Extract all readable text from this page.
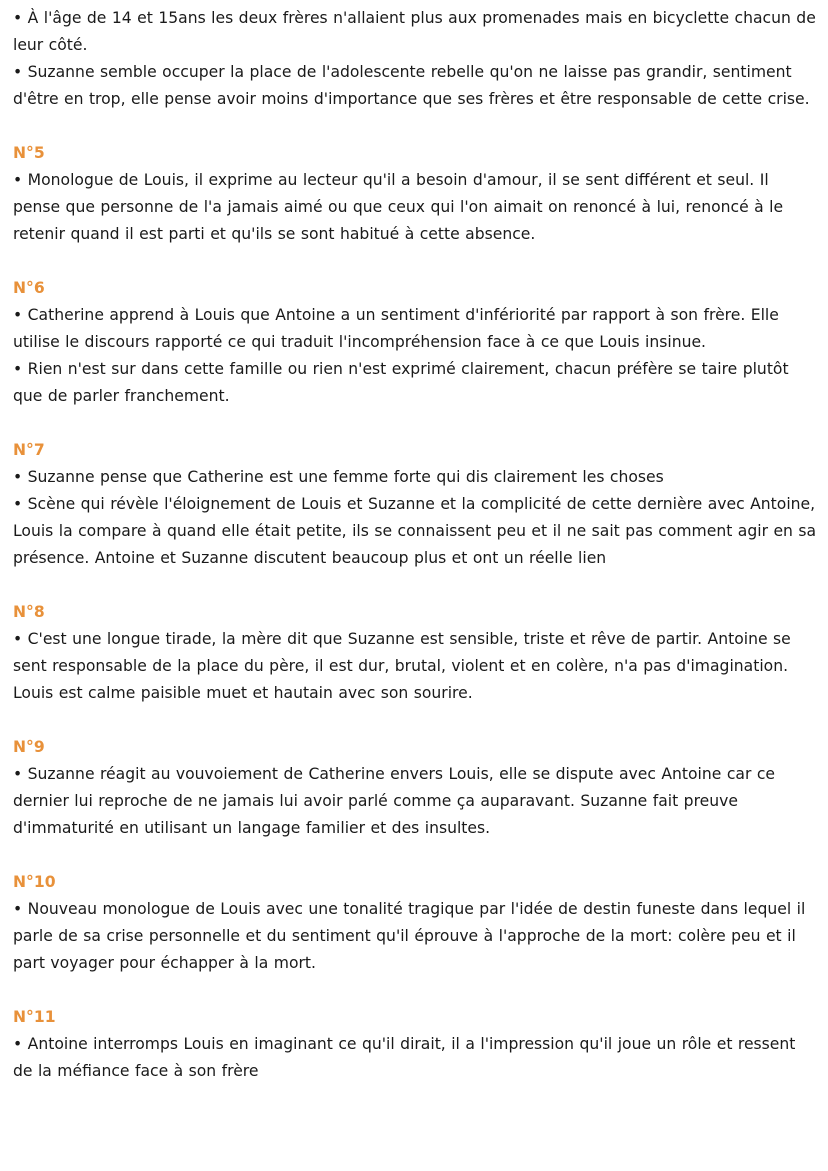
• À l'âge de 14 et 15ans les deux frères n'allaient plus aux promenades mais en bicyclette chacun de leur côté.

• Suzanne semble occuper la place de l'adolescente rebelle qu'on ne laisse pas grandir, sentiment d'être en trop, elle pense avoir moins d'importance que ses frères et être responsable de cette crise.

N°5

• Monologue de Louis, il exprime au lecteur qu'il a besoin d'amour, il se sent différent et seul. Il pense que personne de l'a jamais aimé ou que ceux qui l'on aimait on renoncé à lui, renoncé à le retenir quand il est parti et qu'ils se sont habitué à cette absence.

N°6

• Catherine apprend à Louis que Antoine a un sentiment d'infériorité par rapport à son frère. Elle utilise le discours rapporté ce qui traduit l'incompréhension face à ce que Louis insinue.

• Rien n'est sur dans cette famille ou rien n'est exprimé clairement, chacun préfère se taire plutôt que de parler franchement.

N°7

• Suzanne pense que Catherine est une femme forte qui dis clairement les choses

• Scène qui révèle l'éloignement de Louis et Suzanne et la complicité de cette dernière avec Antoine, Louis la compare à quand elle était petite, ils se connaissent peu et il ne sait pas comment agir en sa présence. Antoine et Suzanne discutent beaucoup plus et ont un réelle lien

N°8

• C'est une longue tirade, la mère dit que Suzanne est sensible, triste et rêve de partir. Antoine se sent responsable de la place du père, il est dur, brutal, violent et en colère, n'a pas d'imagination. Louis est calme paisible muet et hautain avec son sourire.

N°9

• Suzanne réagit au vouvoiement de Catherine envers Louis, elle se dispute avec Antoine car ce dernier lui reproche de ne jamais lui avoir parlé comme ça auparavant. Suzanne fait preuve d'immaturité en utilisant un langage familier et des insultes.

N°10

• Nouveau monologue de Louis avec une tonalité tragique par l'idée de destin funeste dans lequel il parle de sa crise personnelle et du sentiment qu'il éprouve à l'approche de la mort: colère peu et il part voyager pour échapper à la mort.

N°11

• Antoine interromps Louis en imaginant ce qu'il dirait, il a l'impression qu'il joue un rôle et ressent de la méfiance face à son frère
